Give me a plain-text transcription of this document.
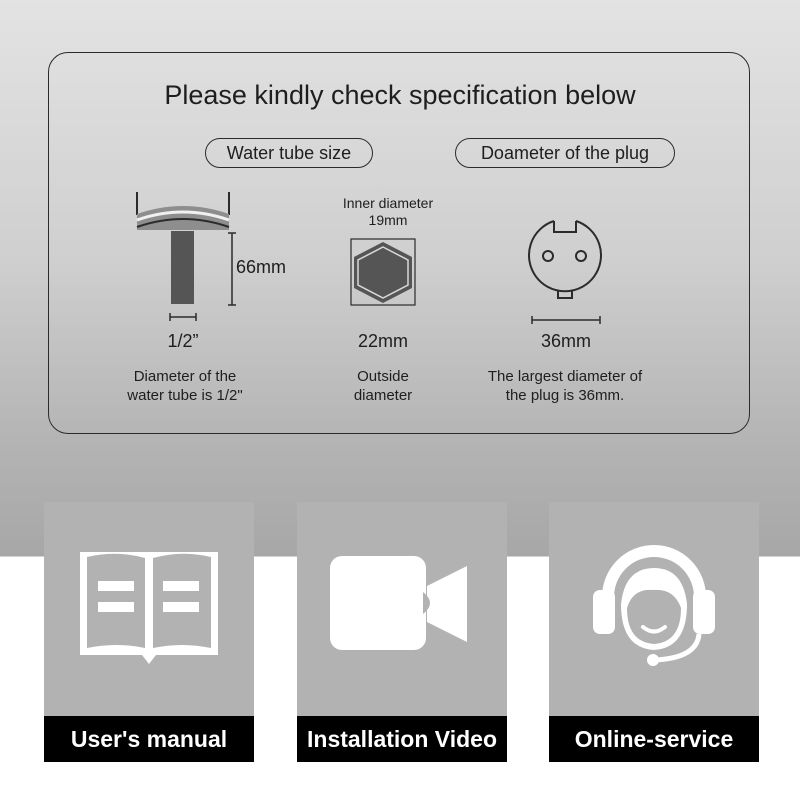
Please kindly check specification below
Water tube size	Doameter of the plug
66mm
1/2”
Diameter of the
water tube is 1/2"
Inner diameter
19mm
22mm
Outside
diameter
36mm
The largest diameter of
the plug is 36mm.
User's manual	Installation Video	Online-service
